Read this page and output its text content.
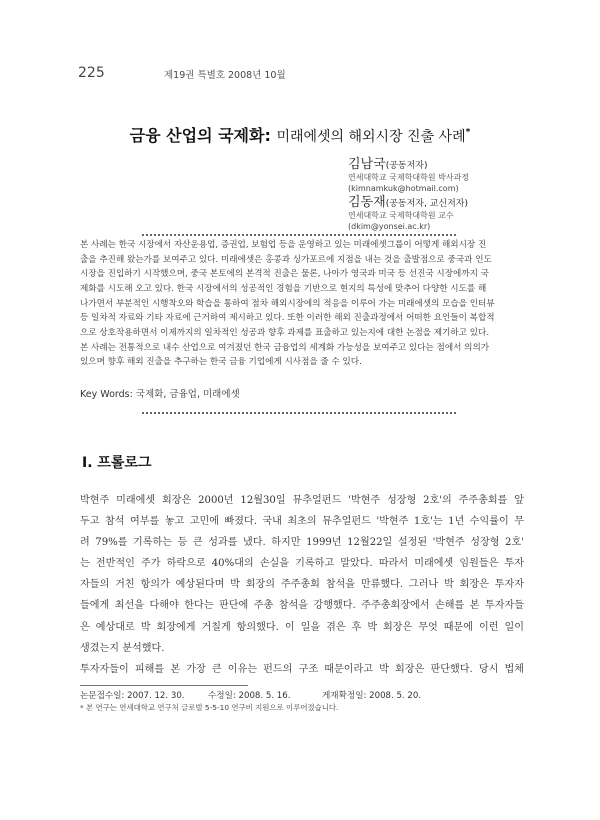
225	제19권 특별호 2008년 10월
금융 산업의 국제화: 미래에셋의 해외시장 진출 사례*
김남국(공동저자)
연세대학교 국제학대학원 박사과정
(kimnamkuk@hotmail.com)
김동재(공동저자, 교신저자)
연세대학교 국제학대학원 교수
(dkim@yonsei.ac.kr)
본 사례는 한국 시장에서 자산운용업, 증권업, 보험업 등을 운영하고 있는 미래에셋그룹이 어떻게 해외시장 진
출을 추진해 왔는가를 보여주고 있다. 미래에셋은 홍콩과 싱가포르에 지점을 내는 것을 출발점으로 중국과 인도
시장을 진입하기 시작했으며, 중국 본토에의 본격적 진출은 물론, 나아가 영국과 미국 등 선진국 시장에까지 국
제화를 시도해 오고 있다. 한국 시장에서의 성공적인 경험을 기반으로 현지의 특성에 맞추어 다양한 시도를 해
나가면서 부분적인 시행착오와 학습을 통하여 점차 해외시장에의 적응을 이루어 가는 미래에셋의 모습을 인터뷰
등 일차적 자료와 기타 자료에 근거하여 제시하고 있다. 또한 이러한 해외 진출과정에서 어떠한 요인들이 복합적
으로 상호작용하면서 이제까지의 일차적인 성공과 향후 과제를 표출하고 있는지에 대한 논점을 제기하고 있다.
본 사례는 전통적으로 내수 산업으로 여겨졌던 한국 금융업의 세계화 가능성을 보여주고 있다는 점에서 의의가
있으며 향후 해외 진출을 추구하는 한국 금융 기업에게 시사점을 줄 수 있다.
Key Words: 국제화, 금융업, 미래에셋
Ⅰ. 프롤로그
박현주 미래에셋 회장은 2000년 12월30일 뮤추얼펀드 '박현주 성장형 2호'의 주주총회를 앞
두고 참석 여부를 놓고 고민에 빠졌다. 국내 최초의 뮤추얼펀드 '박현주 1호'는 1년 수익률이 무
려 79%를 기록하는 등 큰 성과를 냈다. 하지만 1999년 12월22일 설정된 '박현주 성장형 2호'
는 전반적인 주가 하락으로 40%대의 손실을 기록하고 말았다. 따라서 미래에셋 임원들은 투자
자들의 거친 항의가 예상된다며 박 회장의 주주총회 참석을 만류했다. 그러나 박 회장은 투자자
들에게 최선을 다해야 한다는 판단에 주총 참석을 강행했다. 주주총회장에서 손해를 본 투자자들
은 예상대로 박 회장에게 거칠게 항의했다. 이 일을 겪은 후 박 회장은 무엇 때문에 이런 일이
생겼는지 분석했다.
투자자들이 피해를 본 가장 큰 이유는 펀드의 구조 때문이라고 박 회장은 판단했다. 당시 법체
논문접수일: 2007. 12. 30.	수정일: 2008. 5. 16.	게재확정일: 2008. 5. 20.
* 본 연구는 연세대학교 연구처 글로벌 5-5-10 연구비 지원으로 이루어졌습니다.
